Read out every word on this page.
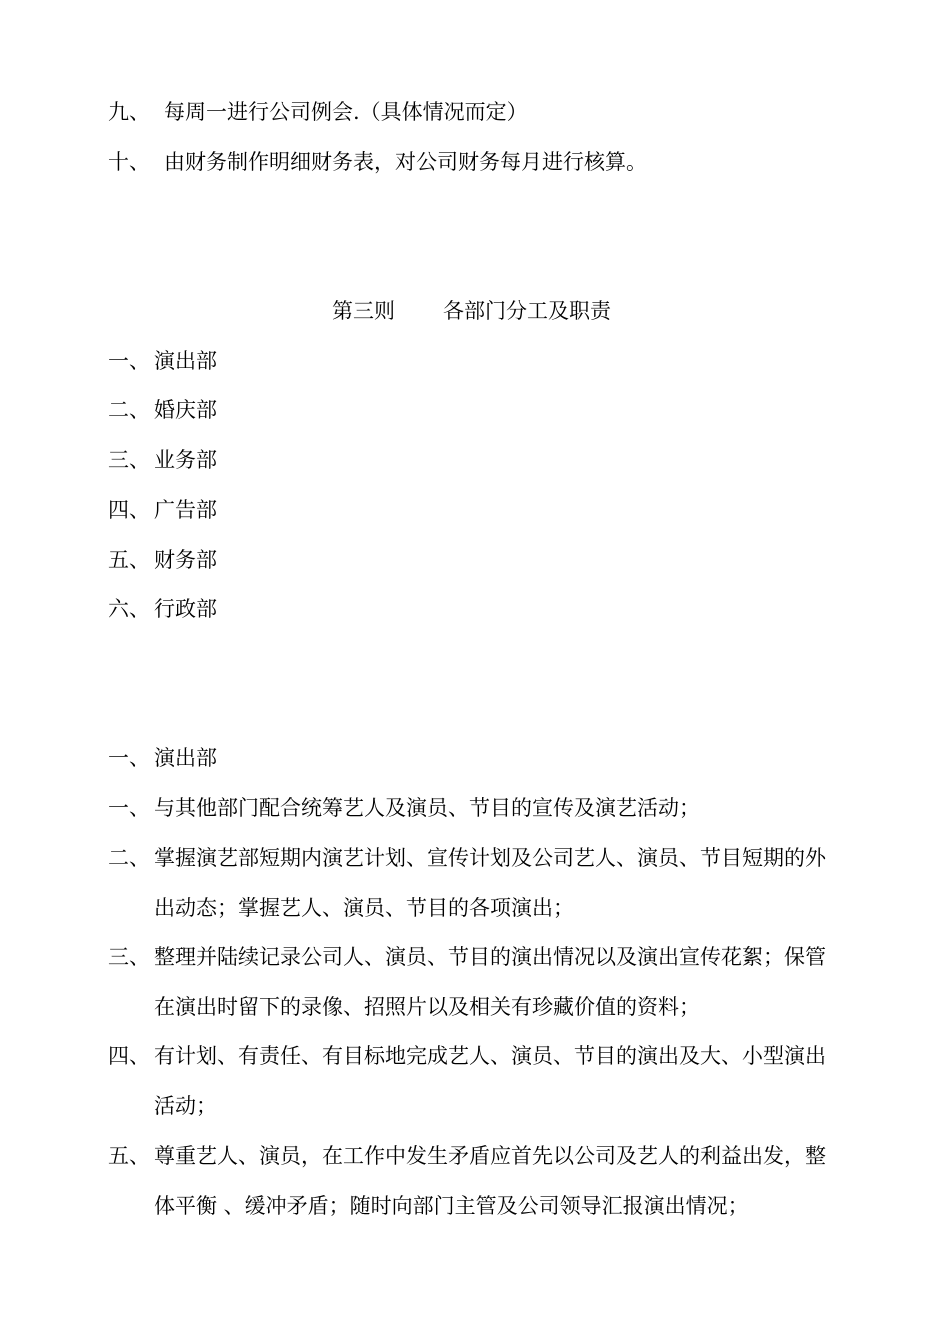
九、 每周一进行公司例会.（具体情况而定）
十、 由财务制作明细财务表，对公司财务每月进行核算。
第三则 各部门分工及职责
一、 演出部
二、 婚庆部
三、 业务部
四、 广告部
五、 财务部
六、 行政部
一、 演出部
一、 与其他部门配合统筹艺人及演员、节目的宣传及演艺活动；
二、 掌握演艺部短期内演艺计划、宣传计划及公司艺人、演员、节目短期的外
出动态；掌握艺人、演员、节目的各项演出；
三、 整理并陆续记录公司人、演员、节目的演出情况以及演出宣传花絮；保管
在演出时留下的录像、招照片以及相关有珍藏价值的资料；
四、 有计划、有责任、有目标地完成艺人、演员、节目的演出及大、小型演出
活动；
五、 尊重艺人、演员，在工作中发生矛盾应首先以公司及艺人的利益出发，整
体平衡 、缓冲矛盾；随时向部门主管及公司领导汇报演出情况；
